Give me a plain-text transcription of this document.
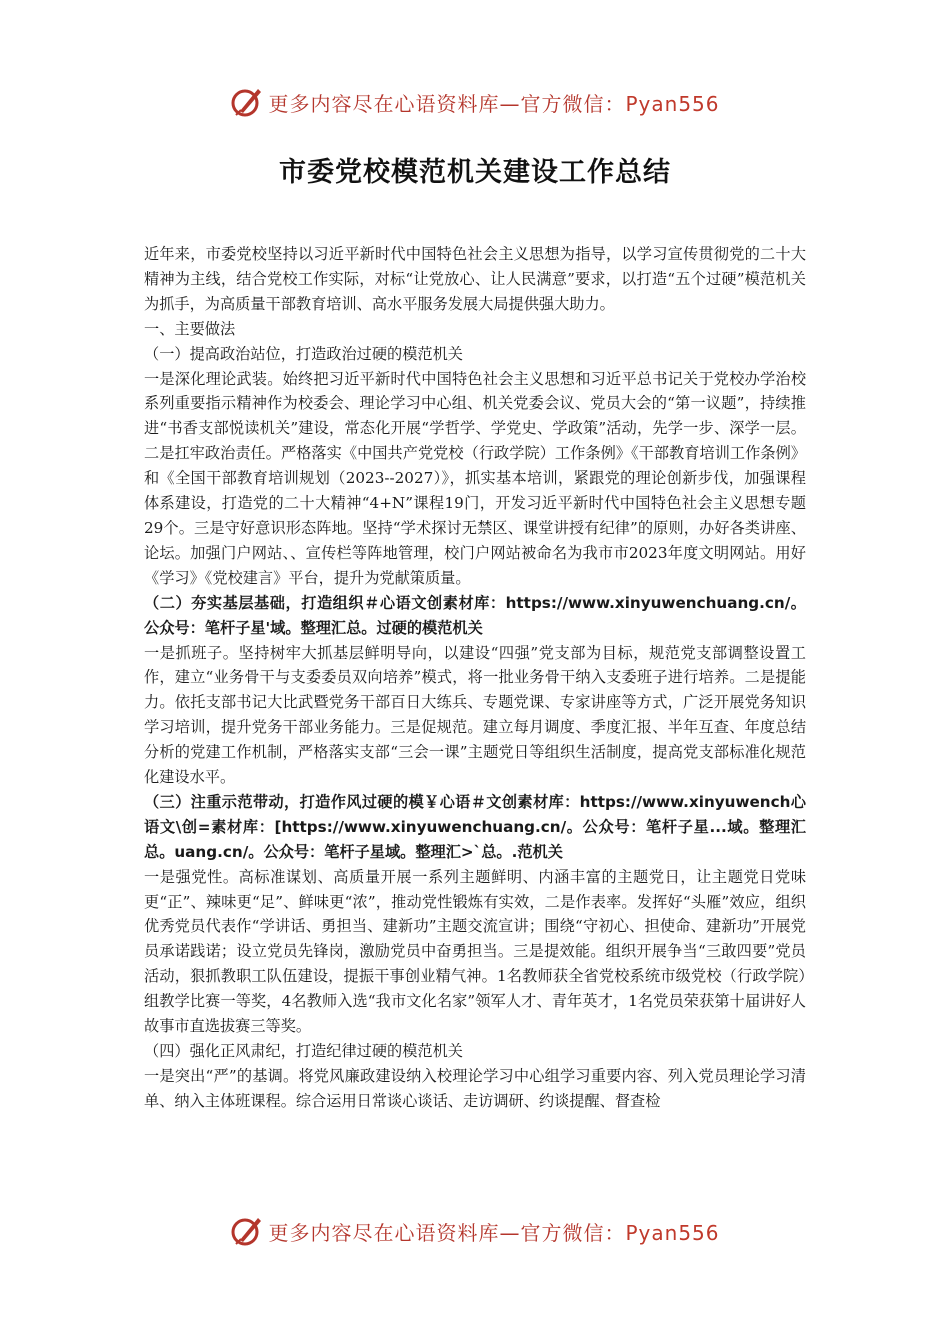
更多内容尽在心语资料库—官方微信：Pyan556
市委党校模范机关建设工作总结

近年来，市委党校坚持以习近平新时代中国特色社会主义思想为指导，以学习宣传贯彻党的二十大精神为主线，结合党校工作实际，对标“让党放心、让人民满意”要求，以打造“五个过硬”模范机关为抓手，为高质量干部教育培训、高水平服务发展大局提供强大助力。

一、主要做法

（一）提高政治站位，打造政治过硬的模范机关

一是深化理论武装。始终把习近平新时代中国特色社会主义思想和习近平总书记关于党校办学治校系列重要指示精神作为校委会、理论学习中心组、机关党委会议、党员大会的“第一议题”，持续推进“书香支部悦读机关”建设，常态化开展“学哲学、学党史、学政策”活动，先学一步、深学一层。二是扛牢政治责任。严格落实《中国共产党党校（行政学院）工作条例》《干部教育培训工作条例》和《全国干部教育培训规划（2023--2027）》，抓实基本培训，紧跟党的理论创新步伐，加强课程体系建设，打造党的二十大精神“4+N”课程19门，开发习近平新时代中国特色社会主义思想专题29个。三是守好意识形态阵地。坚持“学术探讨无禁区、课堂讲授有纪律”的原则，办好各类讲座、论坛。加强门户网站、、宣传栏等阵地管理，校门户网站被命名为我市市2023年度文明网站。用好《学习》《党校建言》平台，提升为党献策质量。

（二）夯实基层基础，打造组织＃心语文创素材库：https://www.xinyuwenchuang.cn/。公众号：笔杆子星'域。整理汇总。过硬的模范机关

一是抓班子。坚持树牢大抓基层鲜明导向，以建设“四强”党支部为目标，规范党支部调整设置工作，建立“业务骨干与支委委员双向培养”模式，将一批业务骨干纳入支委班子进行培养。二是提能力。依托支部书记大比武暨党务干部百日大练兵、专题党课、专家讲座等方式，广泛开展党务知识学习培训，提升党务干部业务能力。三是促规范。建立每月调度、季度汇报、半年互查、年度总结分析的党建工作机制，严格落实支部“三会一课”主题党日等组织生活制度，提高党支部标准化规范化建设水平。

（三）注重示范带动，打造作风过硬的模￥心语＃文创素材库：https://www.xinyuwench心语文\创=素材库：[https://www.xinyuwenchuang.cn/。公众号：笔杆子星...域。整理汇总。uang.cn/。公众号：笔杆子星域。整理汇>`总。.范机关

一是强党性。高标准谋划、高质量开展一系列主题鲜明、内涵丰富的主题党日，让主题党日党味更“正”、辣味更“足”、鲜味更“浓”，推动党性锻炼有实效，二是作表率。发挥好“头雁”效应，组织优秀党员代表作“学讲话、勇担当、建新功”主题交流宣讲；围绕“守初心、担使命、建新功”开展党员承诺践诺；设立党员先锋岗，激励党员中奋勇担当。三是提效能。组织开展争当“三敢四要”党员活动，狠抓教职工队伍建设，提振干事创业精气神。1名教师获全省党校系统市级党校（行政学院）组教学比赛一等奖，4名教师入选“我市文化名家”领军人才、青年英才，1名党员荣获第十届讲好人故事市直选拔赛三等奖。

（四）强化正风肃纪，打造纪律过硬的模范机关

一是突出“严”的基调。将党风廉政建设纳入校理论学习中心组学习重要内容、列入党员理论学习清单、纳入主体班课程。综合运用日常谈心谈话、走访调研、约谈提醒、督查检

更多内容尽在心语资料库—官方微信：Pyan556
